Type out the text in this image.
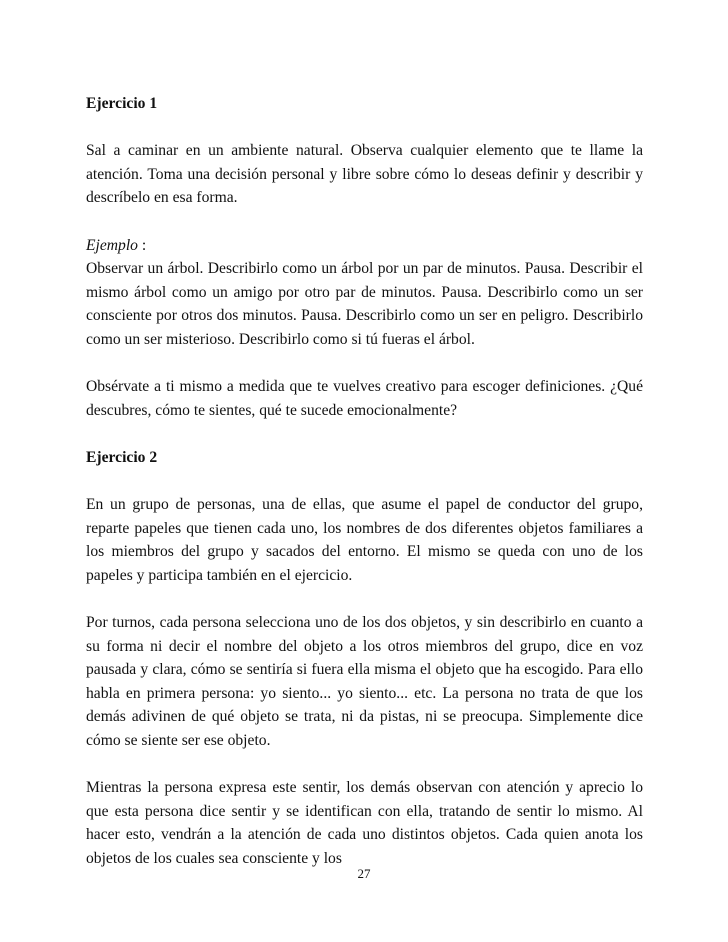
Ejercicio 1

Sal a caminar en un ambiente natural. Observa cualquier elemento que te llame la atención. Toma una decisión personal y libre sobre cómo lo deseas definir y describir y descríbelo en esa forma.

Ejemplo :
Observar un árbol. Describirlo como un árbol por un par de minutos. Pausa. Describir el mismo árbol como un amigo por otro par de minutos. Pausa. Describirlo como un ser consciente por otros dos minutos. Pausa. Describirlo como un ser en peligro. Describirlo como un ser misterioso. Describirlo como si tú fueras el árbol.

Obsérvate a ti mismo a medida que te vuelves creativo para escoger definiciones. ¿Qué descubres, cómo te sientes, qué te sucede emocionalmente?

Ejercicio 2

En un grupo de personas, una de ellas, que asume el papel de conductor del grupo, reparte papeles que tienen cada uno, los nombres de dos diferentes objetos familiares a los miembros del grupo y sacados del entorno. El mismo se queda con uno de los papeles y participa también en el ejercicio.

Por turnos, cada persona selecciona uno de los dos objetos, y sin describirlo en cuanto a su forma ni decir el nombre del objeto a los otros miembros del grupo, dice en voz pausada y clara, cómo se sentiría si fuera ella misma el objeto que ha escogido. Para ello habla en primera persona: yo siento... yo siento... etc. La persona no trata de que los demás adivinen de qué objeto se trata, ni da pistas, ni se preocupa. Simplemente dice cómo se siente ser ese objeto.

Mientras la persona expresa este sentir, los demás observan con atención y aprecio lo que esta persona dice sentir y se identifican con ella, tratando de sentir lo mismo. Al hacer esto, vendrán a la atención de cada uno distintos objetos. Cada quien anota los objetos de los cuales sea consciente y los

27
